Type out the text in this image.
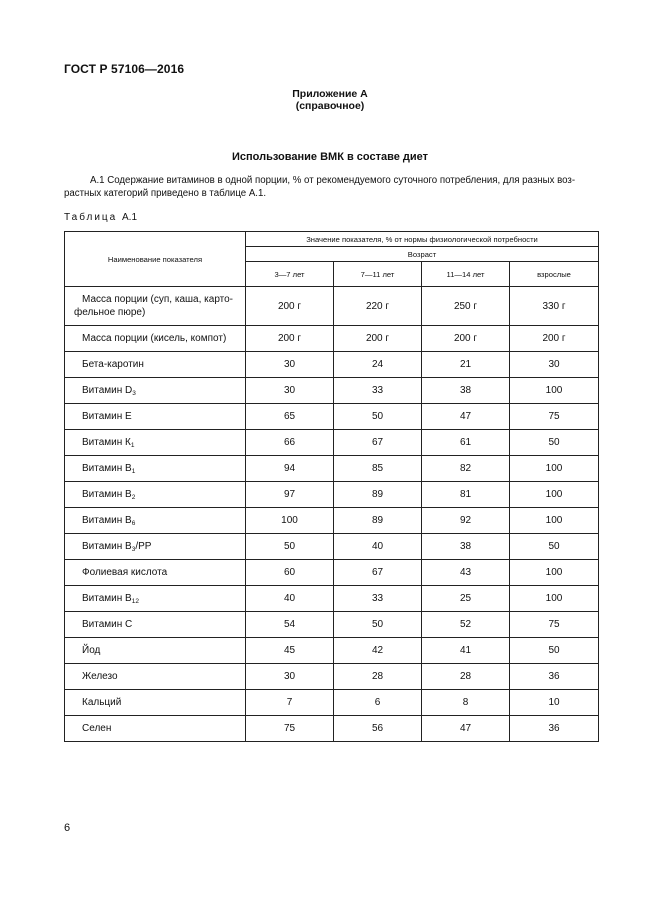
ГОСТ Р 57106—2016
Приложение А
(справочное)
Использование ВМК в составе диет
А.1 Содержание витаминов в одной порции, % от рекомендуемого суточного потребления, для разных воз-
растных категорий приведено в таблице А.1.
Таблица А.1
Наименование показателя	Значение показателя, % от нормы физиологической потребности			
	Возраст			
	3—7 лет	7—11 лет	11—14 лет	взрослые
Масса порции (суп, каша, карто-
фельное пюре)	200 г	220 г	250 г	330 г
Масса порции (кисель, компот)	200 г	200 г	200 г	200 г
Бета-каротин	30	24	21	30
Витамин $D_3$	30	33	38	100
Витамин Е	65	50	47	75
Витамин $К_1$	66	67	61	50
Витамин $В_1$	94	85	82	100
Витамин $В_2$	97	89	81	100
Витамин $В_6$	100	89	92	100
Витамин $В_3/PP$	50	40	38	50
Фолиевая кислота	60	67	43	100
Витамин $В_{12}$	40	33	25	100
Витамин С	54	50	52	75
Йод	45	42	41	50
Железо	30	28	28	36
Кальций	7	6	8	10
Селен	75	56	47	36
6
